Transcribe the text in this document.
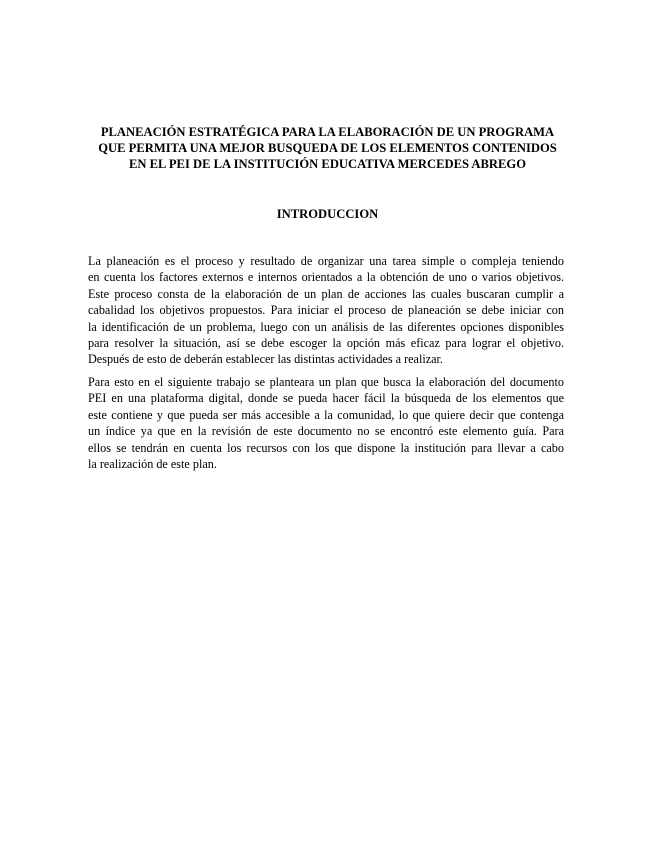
PLANEACIÓN ESTRATÉGICA PARA LA ELABORACIÓN DE UN PROGRAMA
QUE PERMITA UNA MEJOR BUSQUEDA DE LOS ELEMENTOS CONTENIDOS
EN EL PEI DE LA INSTITUCIÓN EDUCATIVA MERCEDES ABREGO
INTRODUCCION
La planeación es el proceso y resultado de organizar una tarea simple o compleja teniendo
en cuenta los factores externos e internos orientados a la obtención de uno o varios objetivos.
Este proceso consta de la elaboración de un plan de acciones las cuales buscaran cumplir a
cabalidad los objetivos propuestos. Para iniciar el proceso de planeación se debe iniciar con
la identificación de un problema, luego con un análisis de las diferentes opciones disponibles
para resolver la situación, así se debe escoger la opción más eficaz para lograr el objetivo.
Después de esto de deberán establecer las distintas actividades a realizar.
Para esto en el siguiente trabajo se planteara un plan que busca la elaboración del documento
PEI en una plataforma digital, donde se pueda hacer fácil la búsqueda de los elementos que
este contiene y que pueda ser más accesible a la comunidad, lo que quiere decir que contenga
un índice ya que en la revisión de este documento no se encontró este elemento guía. Para
ellos se tendrán en cuenta los recursos con los que dispone la institución para llevar a cabo
la realización de este plan.
